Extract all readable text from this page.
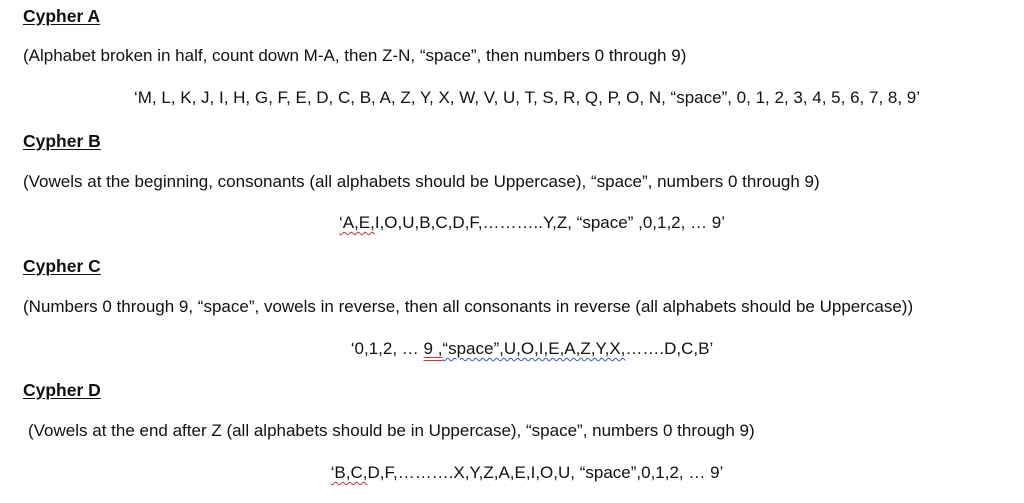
Cypher A
(Alphabet broken in half, count down M-A, then Z-N, “space”, then numbers 0 through 9)
‘M, L, K, J, I, H, G, F, E, D, C, B, A, Z, Y, X, W, V, U, T, S, R, Q, P, O, N, “space”, 0, 1, 2, 3, 4, 5, 6, 7, 8, 9’
Cypher B
(Vowels at the beginning, consonants (all alphabets should be Uppercase), “space”, numbers 0 through 9)
‘A,E,I,O,U,B,C,D,F,………..Y,Z, “space” ,0,1,2, … 9’
Cypher C
(Numbers 0 through 9, “space”, vowels in reverse, then all consonants in reverse (all alphabets should be Uppercase))
‘0,1,2, … 9 ,“space”,U,O,I,E,A,Z,Y,X,…….D,C,B’
Cypher D
(Vowels at the end after Z (all alphabets should be in Uppercase), “space”, numbers 0 through 9)
‘B,C,D,F,……….X,Y,Z,A,E,I,O,U, “space”,0,1,2, … 9’
